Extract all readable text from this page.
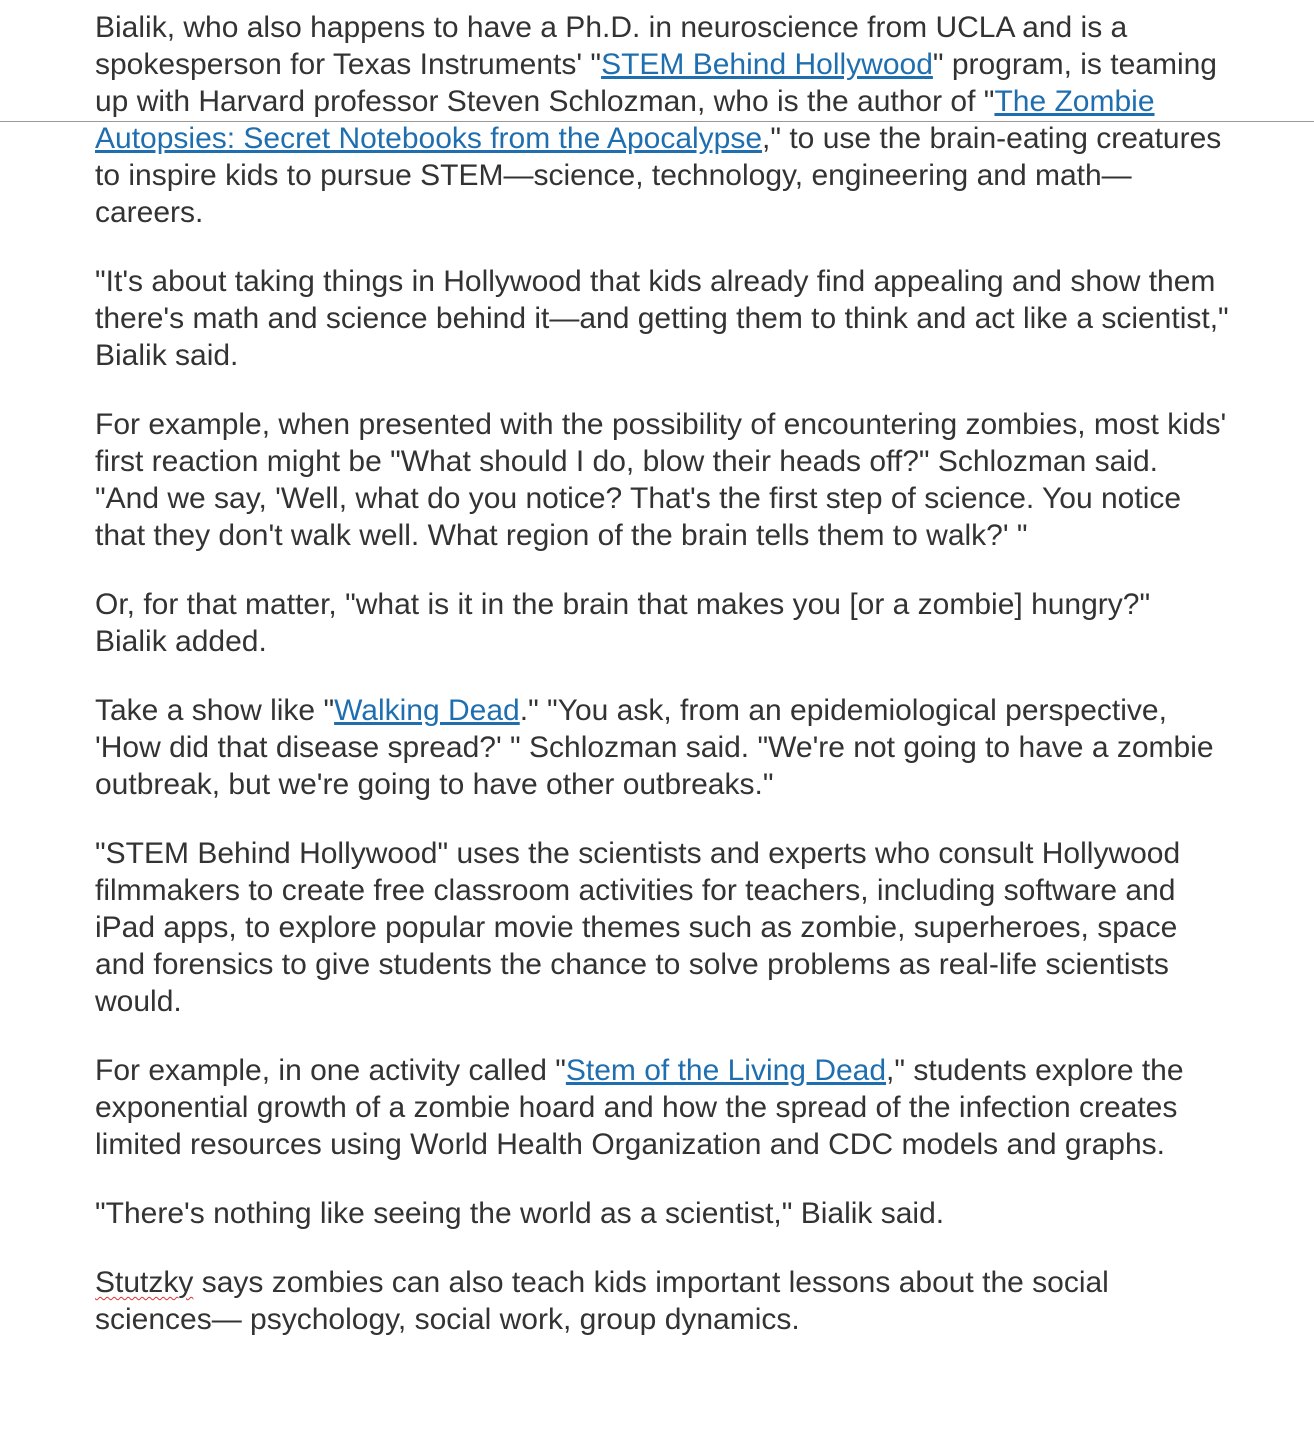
Bialik, who also happens to have a Ph.D. in neuroscience from UCLA and is a spokesperson for Texas Instruments' "STEM Behind Hollywood" program, is teaming up with Harvard professor Steven Schlozman, who is the author of "The Zombie Autopsies: Secret Notebooks from the Apocalypse," to use the brain-eating creatures to inspire kids to pursue STEM—science, technology, engineering and math—careers.

"It's about taking things in Hollywood that kids already find appealing and show them there's math and science behind it—and getting them to think and act like a scientist," Bialik said.

For example, when presented with the possibility of encountering zombies, most kids' first reaction might be "What should I do, blow their heads off?" Schlozman said. "And we say, 'Well, what do you notice? That's the first step of science. You notice that they don't walk well. What region of the brain tells them to walk?' "

Or, for that matter, "what is it in the brain that makes you [or a zombie] hungry?" Bialik added.

Take a show like "Walking Dead." "You ask, from an epidemiological perspective, 'How did that disease spread?' " Schlozman said. "We're not going to have a zombie outbreak, but we're going to have other outbreaks."

"STEM Behind Hollywood" uses the scientists and experts who consult Hollywood filmmakers to create free classroom activities for teachers, including software and iPad apps, to explore popular movie themes such as zombie, superheroes, space and forensics to give students the chance to solve problems as real-life scientists would.

For example, in one activity called "Stem of the Living Dead," students explore the exponential growth of a zombie hoard and how the spread of the infection creates limited resources using World Health Organization and CDC models and graphs.

"There's nothing like seeing the world as a scientist," Bialik said.

Stutzky says zombies can also teach kids important lessons about the social sciences— psychology, social work, group dynamics.
